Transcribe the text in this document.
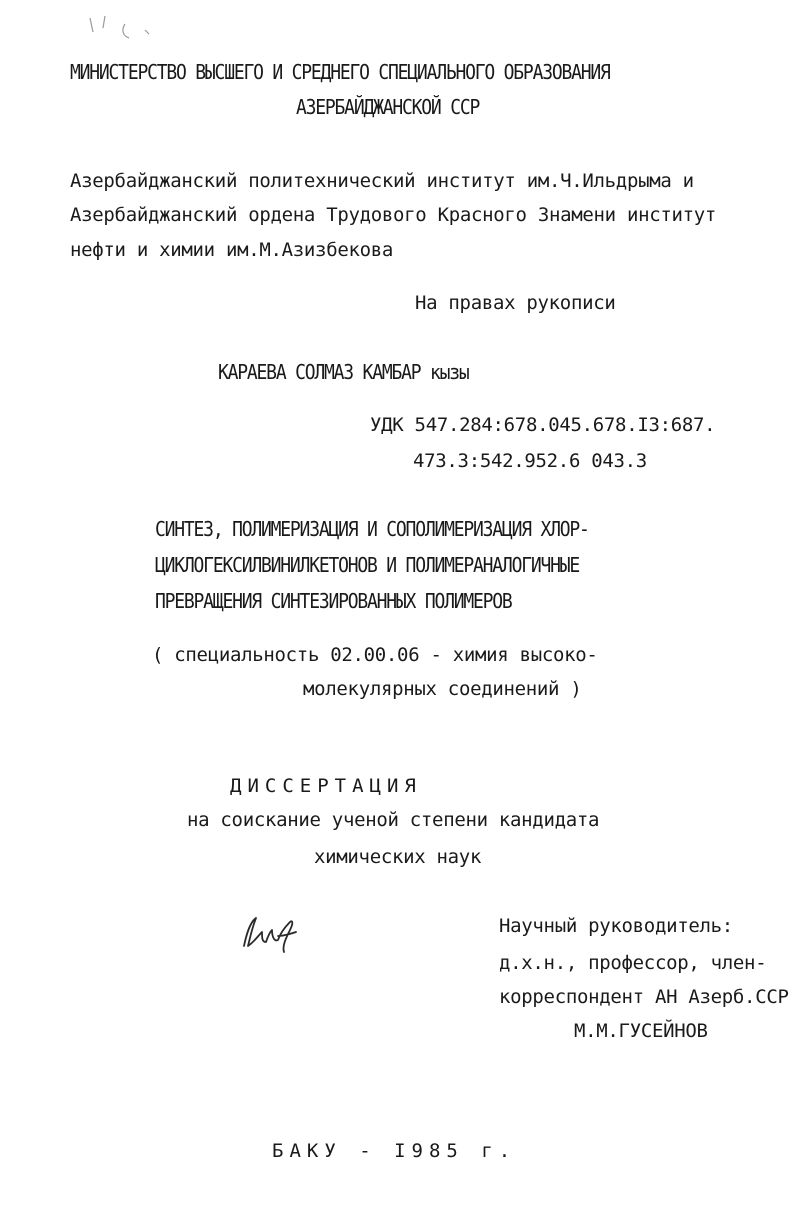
МИНИСТЕРСТВО ВЫСШЕГО И СРЕДНЕГО СПЕЦИАЛЬНОГО ОБРАЗОВАНИЯ
АЗЕРБАЙДЖАНСКОЙ ССР
Азербайджанский политехнический институт им.Ч.Ильдрыма и
Азербайджанский ордена Трудового Красного Знамени институт
нефти и химии им.М.Азизбекова
На правах рукописи
КАРАЕВА СОЛМАЗ КАМБАР кызы
УДК 547.284:678.045.678.I3:687.
473.3:542.952.6 043.3
СИНТЕЗ, ПОЛИМЕРИЗАЦИЯ И СОПОЛИМЕРИЗАЦИЯ ХЛОР-
ЦИКЛОГЕКСИЛВИНИЛКЕТОНОВ И ПОЛИМЕРАНАЛОГИЧНЫЕ
ПРЕВРАЩЕНИЯ СИНТЕЗИРОВАННЫХ ПОЛИМЕРОВ
( специальность 02.00.06 - химия высоко-
молекулярных соединений )
ДИССЕРТАЦИЯ
на соискание ученой степени кандидата
химических наук
Научный руководитель:
д.х.н., профессор, член-
корреспондент АН Азерб.ССР
М.М.ГУСЕЙНОВ
БАКУ - I985 г.
